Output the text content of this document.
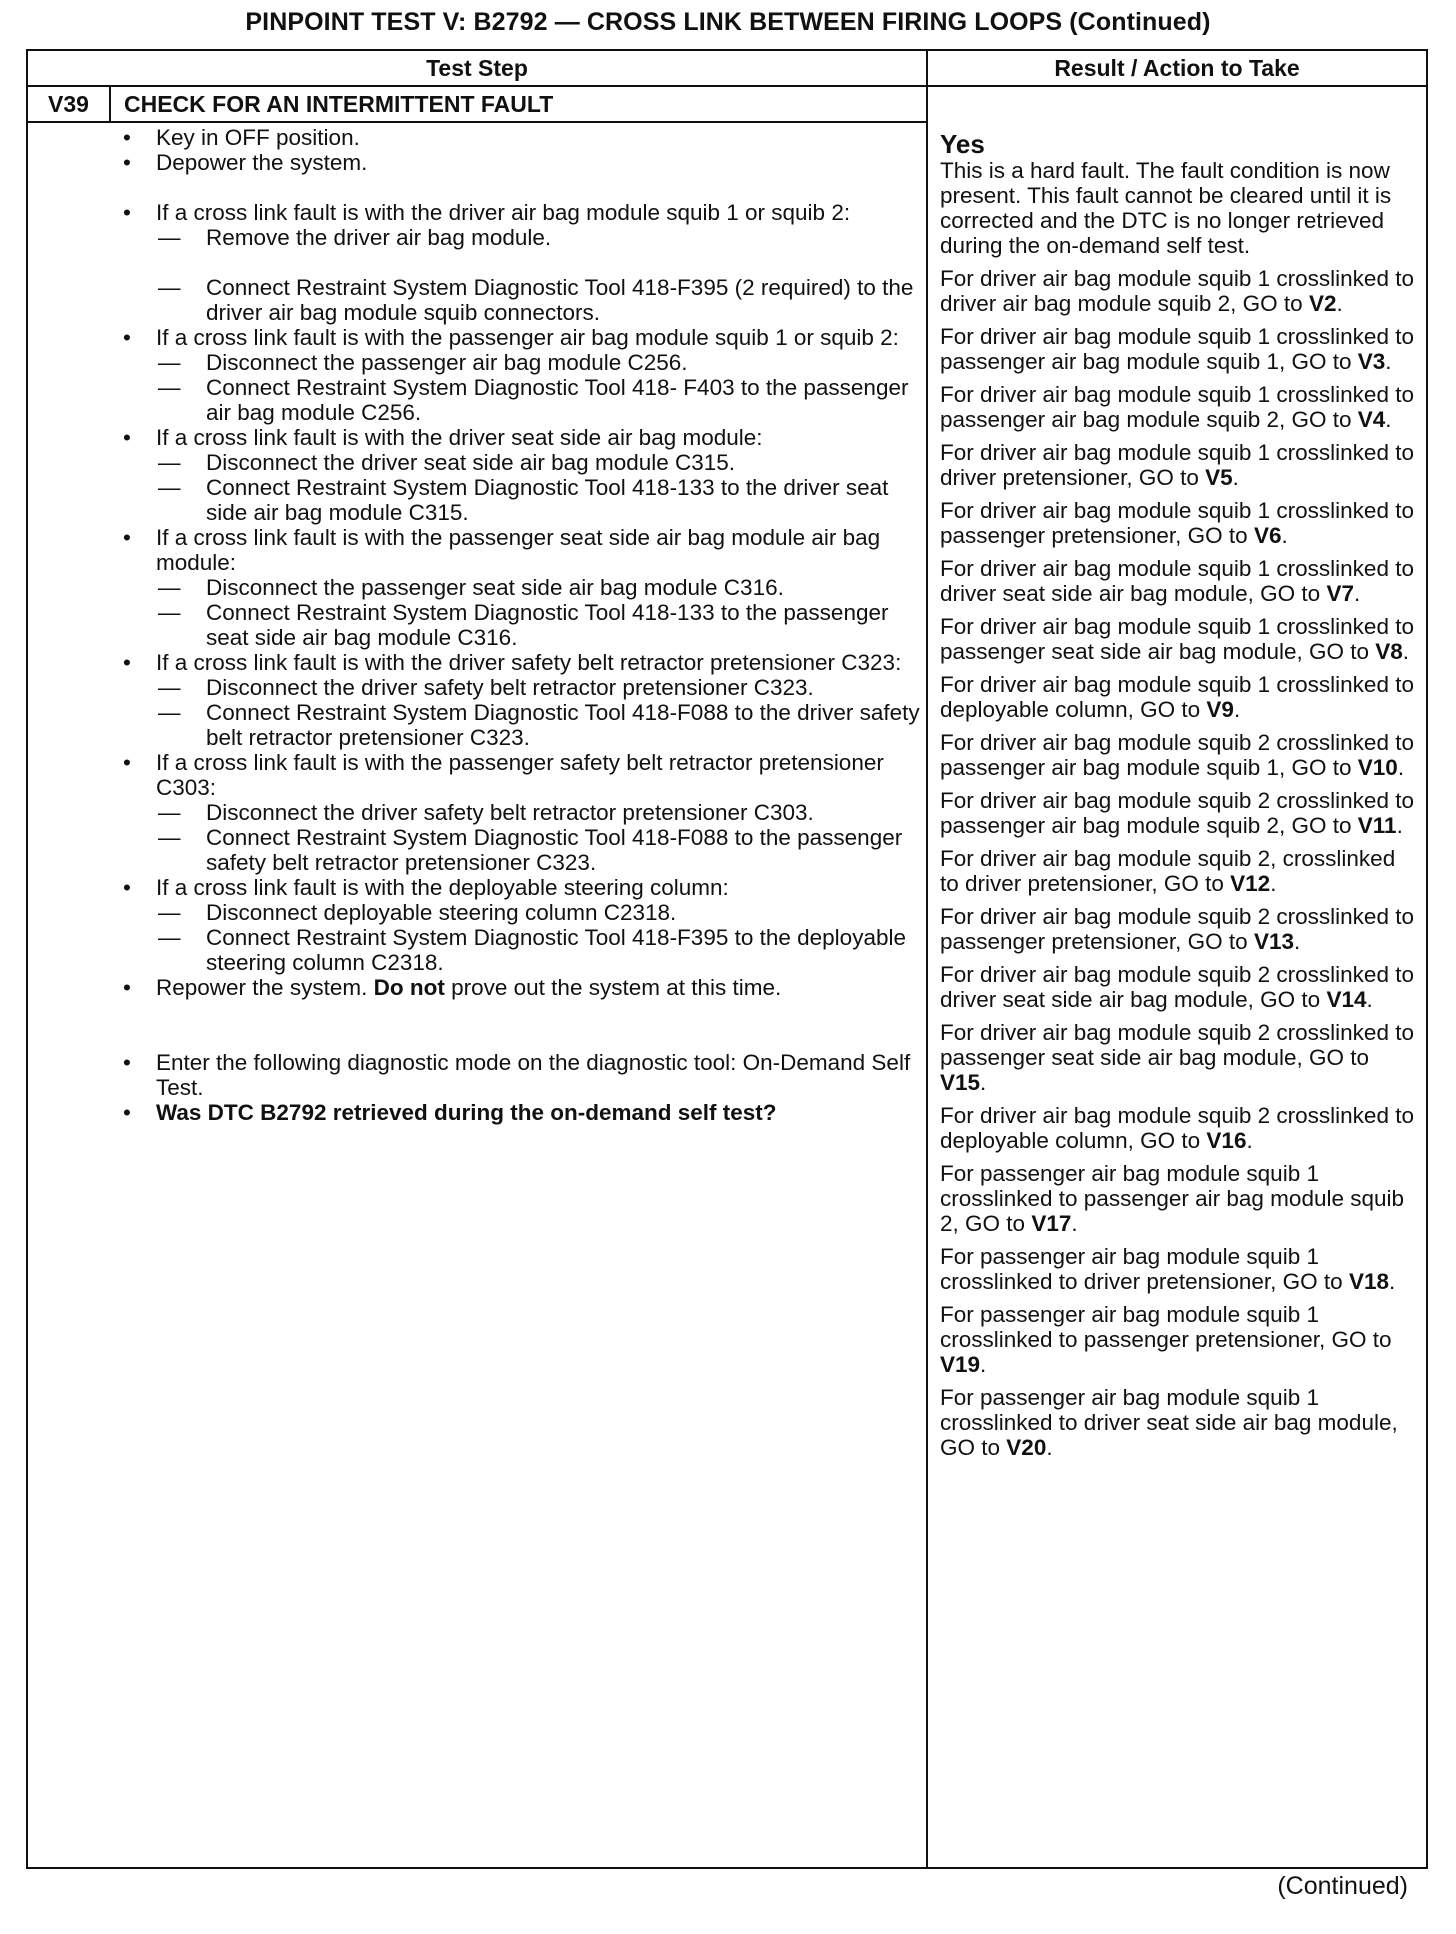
PINPOINT TEST V: B2792 — CROSS LINK BETWEEN FIRING LOOPS (Continued)
Test Step	Result / Action to Take
V39	CHECK FOR AN INTERMITTENT FAULT
• Key in OFF position.
• Depower the system.
• If a cross link fault is with the driver air bag module squib 1 or squib 2:
— Remove the driver air bag module.
— Connect Restraint System Diagnostic Tool 418-F395 (2 required) to the driver air bag module squib connectors.
• If a cross link fault is with the passenger air bag module squib 1 or squib 2:
— Disconnect the passenger air bag module C256.
— Connect Restraint System Diagnostic Tool 418- F403 to the passenger air bag module C256.
• If a cross link fault is with the driver seat side air bag module:
— Disconnect the driver seat side air bag module C315.
— Connect Restraint System Diagnostic Tool 418-133 to the driver seat side air bag module C315.
• If a cross link fault is with the passenger seat side air bag module air bag module:
— Disconnect the passenger seat side air bag module C316.
— Connect Restraint System Diagnostic Tool 418-133 to the passenger seat side air bag module C316.
• If a cross link fault is with the driver safety belt retractor pretensioner C323:
— Disconnect the driver safety belt retractor pretensioner C323.
— Connect Restraint System Diagnostic Tool 418-F088 to the driver safety belt retractor pretensioner C323.
• If a cross link fault is with the passenger safety belt retractor pretensioner C303:
— Disconnect the driver safety belt retractor pretensioner C303.
— Connect Restraint System Diagnostic Tool 418-F088 to the passenger safety belt retractor pretensioner C323.
• If a cross link fault is with the deployable steering column:
— Disconnect deployable steering column C2318.
— Connect Restraint System Diagnostic Tool 418-F395 to the deployable steering column C2318.
• Repower the system. Do not prove out the system at this time.
• Enter the following diagnostic mode on the diagnostic tool: On-Demand Self Test.
• Was DTC B2792 retrieved during the on-demand self test?
Yes
This is a hard fault. The fault condition is now present. This fault cannot be cleared until it is corrected and the DTC is no longer retrieved during the on-demand self test.
For driver air bag module squib 1 crosslinked to driver air bag module squib 2, GO to V2.
For driver air bag module squib 1 crosslinked to passenger air bag module squib 1, GO to V3.
For driver air bag module squib 1 crosslinked to passenger air bag module squib 2, GO to V4.
For driver air bag module squib 1 crosslinked to driver pretensioner, GO to V5.
For driver air bag module squib 1 crosslinked to passenger pretensioner, GO to V6.
For driver air bag module squib 1 crosslinked to driver seat side air bag module, GO to V7.
For driver air bag module squib 1 crosslinked to passenger seat side air bag module, GO to V8.
For driver air bag module squib 1 crosslinked to deployable column, GO to V9.
For driver air bag module squib 2 crosslinked to passenger air bag module squib 1, GO to V10.
For driver air bag module squib 2 crosslinked to passenger air bag module squib 2, GO to V11.
For driver air bag module squib 2, crosslinked to driver pretensioner, GO to V12.
For driver air bag module squib 2 crosslinked to passenger pretensioner, GO to V13.
For driver air bag module squib 2 crosslinked to driver seat side air bag module, GO to V14.
For driver air bag module squib 2 crosslinked to passenger seat side air bag module, GO to V15.
For driver air bag module squib 2 crosslinked to deployable column, GO to V16.
For passenger air bag module squib 1 crosslinked to passenger air bag module squib 2, GO to V17.
For passenger air bag module squib 1 crosslinked to driver pretensioner, GO to V18.
For passenger air bag module squib 1 crosslinked to passenger pretensioner, GO to V19.
For passenger air bag module squib 1 crosslinked to driver seat side air bag module, GO to V20.
(Continued)
